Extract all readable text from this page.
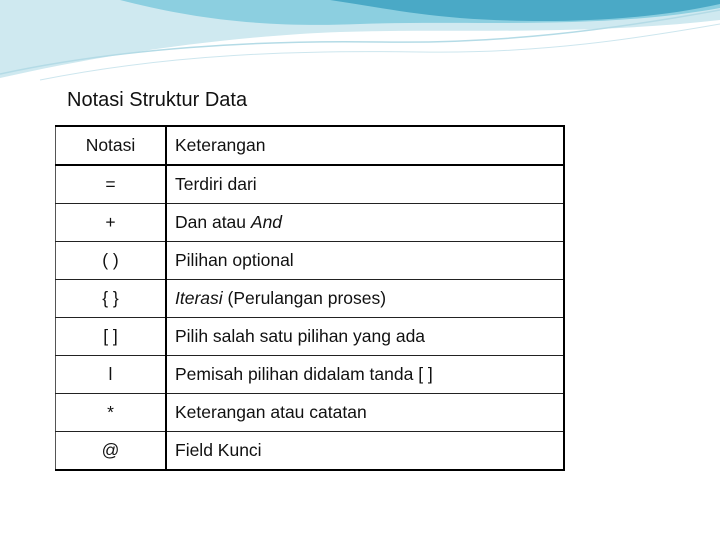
Notasi Struktur Data
Notasi	Keterangan
=	Terdiri dari
+	Dan atau And
( )	Pilihan optional
{ }	Iterasi (Perulangan proses)
[ ]	Pilih salah satu pilihan yang ada
l	Pemisah pilihan didalam tanda [ ]
*	Keterangan atau catatan
@	Field Kunci
